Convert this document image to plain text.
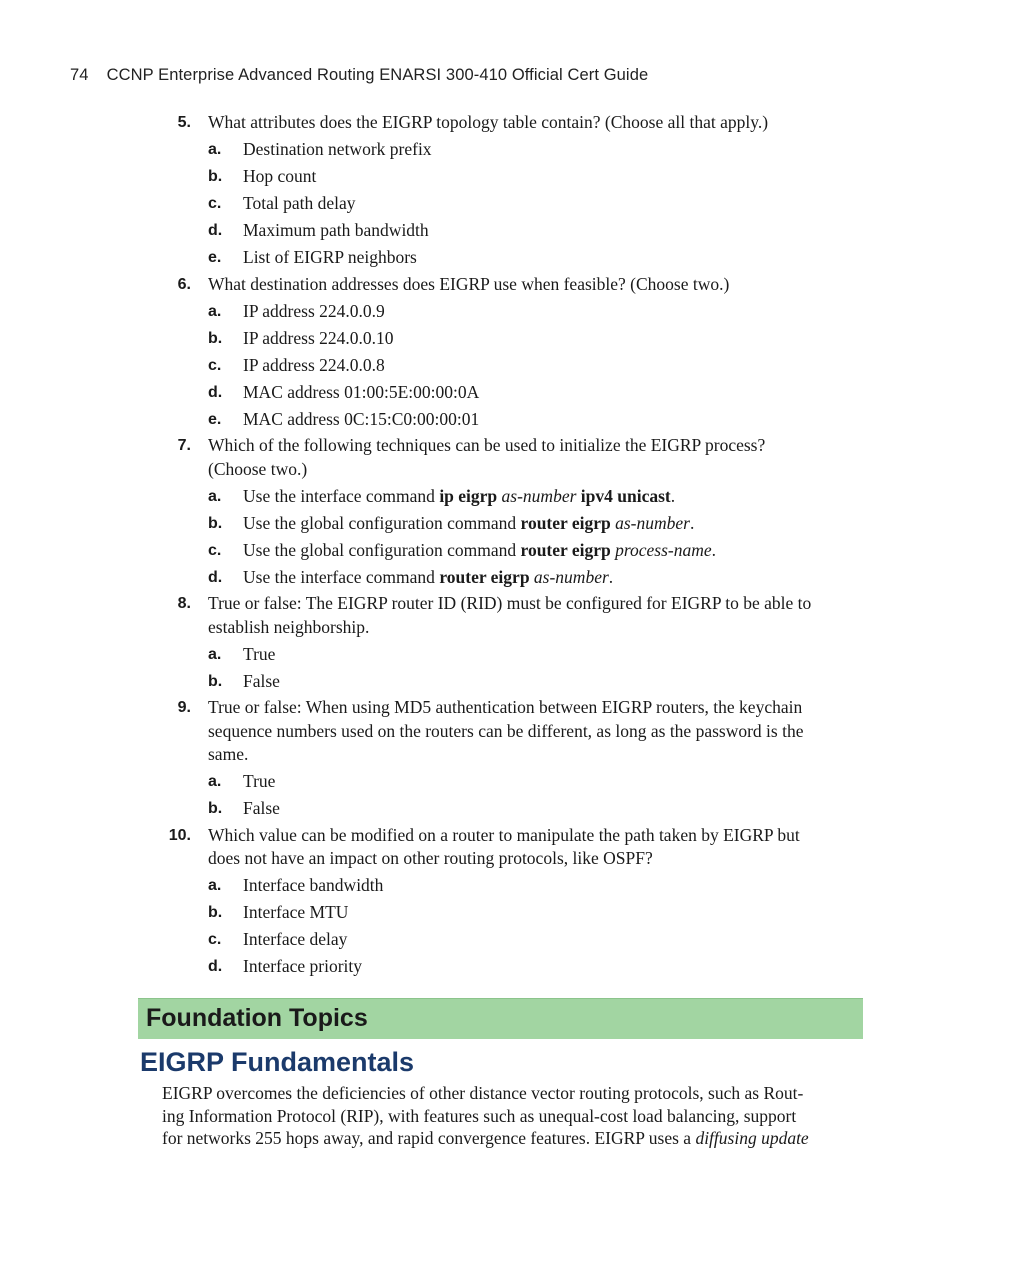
74 CCNP Enterprise Advanced Routing ENARSI 300-410 Official Cert Guide
5. What attributes does the EIGRP topology table contain? (Choose all that apply.)
a. Destination network prefix
b. Hop count
c. Total path delay
d. Maximum path bandwidth
e. List of EIGRP neighbors
6. What destination addresses does EIGRP use when feasible? (Choose two.)
a. IP address 224.0.0.9
b. IP address 224.0.0.10
c. IP address 224.0.0.8
d. MAC address 01:00:5E:00:00:0A
e. MAC address 0C:15:C0:00:00:01
7. Which of the following techniques can be used to initialize the EIGRP process?
(Choose two.)
a. Use the interface command ip eigrp as-number ipv4 unicast.
b. Use the global configuration command router eigrp as-number.
c. Use the global configuration command router eigrp process-name.
d. Use the interface command router eigrp as-number.
8. True or false: The EIGRP router ID (RID) must be configured for EIGRP to be able to
establish neighborship.
a. True
b. False
9. True or false: When using MD5 authentication between EIGRP routers, the keychain
sequence numbers used on the routers can be different, as long as the password is the
same.
a. True
b. False
10. Which value can be modified on a router to manipulate the path taken by EIGRP but
does not have an impact on other routing protocols, like OSPF?
a. Interface bandwidth
b. Interface MTU
c. Interface delay
d. Interface priority
Foundation Topics
EIGRP Fundamentals
EIGRP overcomes the deficiencies of other distance vector routing protocols, such as Rout-
ing Information Protocol (RIP), with features such as unequal-cost load balancing, support
for networks 255 hops away, and rapid convergence features. EIGRP uses a diffusing update
